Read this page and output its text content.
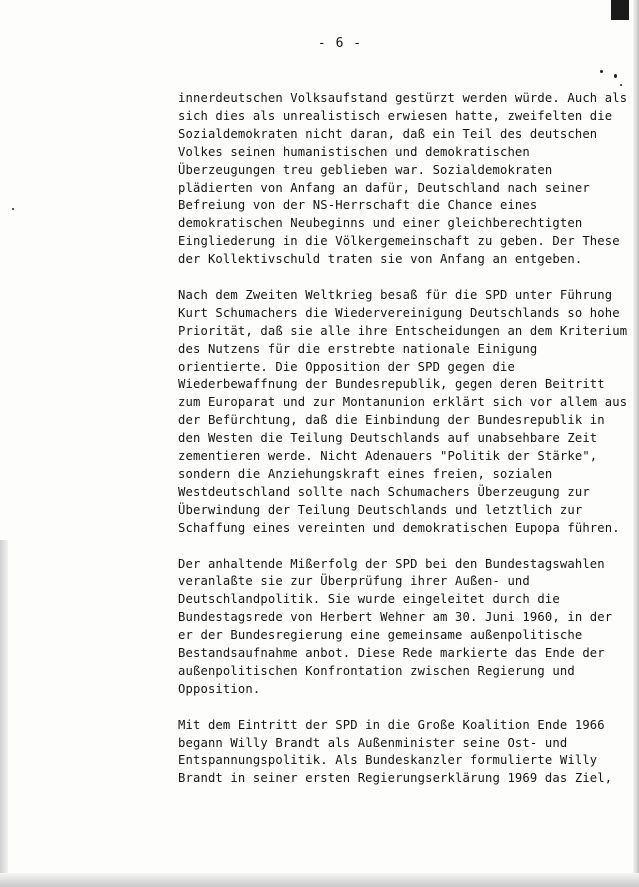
- 6 -
innerdeutschen Volksaufstand gestürzt werden würde. Auch als
sich dies als unrealistisch erwiesen hatte, zweifelten die
Sozialdemokraten nicht daran, daß ein Teil des deutschen
Volkes seinen humanistischen und demokratischen
Überzeugungen treu geblieben war. Sozialdemokraten
plädierten von Anfang an dafür, Deutschland nach seiner
Befreiung von der NS-Herrschaft die Chance eines
demokratischen Neubeginns und einer gleichberechtigten
Eingliederung in die Völkergemeinschaft zu geben. Der These
der Kollektivschuld traten sie von Anfang an entgeben.
Nach dem Zweiten Weltkrieg besaß für die SPD unter Führung
Kurt Schumachers die Wiedervereinigung Deutschlands so hohe
Priorität, daß sie alle ihre Entscheidungen an dem Kriterium
des Nutzens für die erstrebte nationale Einigung
orientierte. Die Opposition der SPD gegen die
Wiederbewaffnung der Bundesrepublik, gegen deren Beitritt
zum Europarat und zur Montanunion erklärt sich vor allem aus
der Befürchtung, daß die Einbindung der Bundesrepublik in
den Westen die Teilung Deutschlands auf unabsehbare Zeit
zementieren werde. Nicht Adenauers "Politik der Stärke",
sondern die Anziehungskraft eines freien, sozialen
Westdeutschland sollte nach Schumachers Überzeugung zur
Überwindung der Teilung Deutschlands und letztlich zur
Schaffung eines vereinten und demokratischen Eupopa führen.
Der anhaltende Mißerfolg der SPD bei den Bundestagswahlen
veranlaßte sie zur Überprüfung ihrer Außen- und
Deutschlandpolitik. Sie wurde eingeleitet durch die
Bundestagsrede von Herbert Wehner am 30. Juni 1960, in der
er der Bundesregierung eine gemeinsame außenpolitische
Bestandsaufnahme anbot. Diese Rede markierte das Ende der
außenpolitischen Konfrontation zwischen Regierung und
Opposition.
Mit dem Eintritt der SPD in die Große Koalition Ende 1966
begann Willy Brandt als Außenminister seine Ost- und
Entspannungspolitik. Als Bundeskanzler formulierte Willy
Brandt in seiner ersten Regierungserklärung 1969 das Ziel,
